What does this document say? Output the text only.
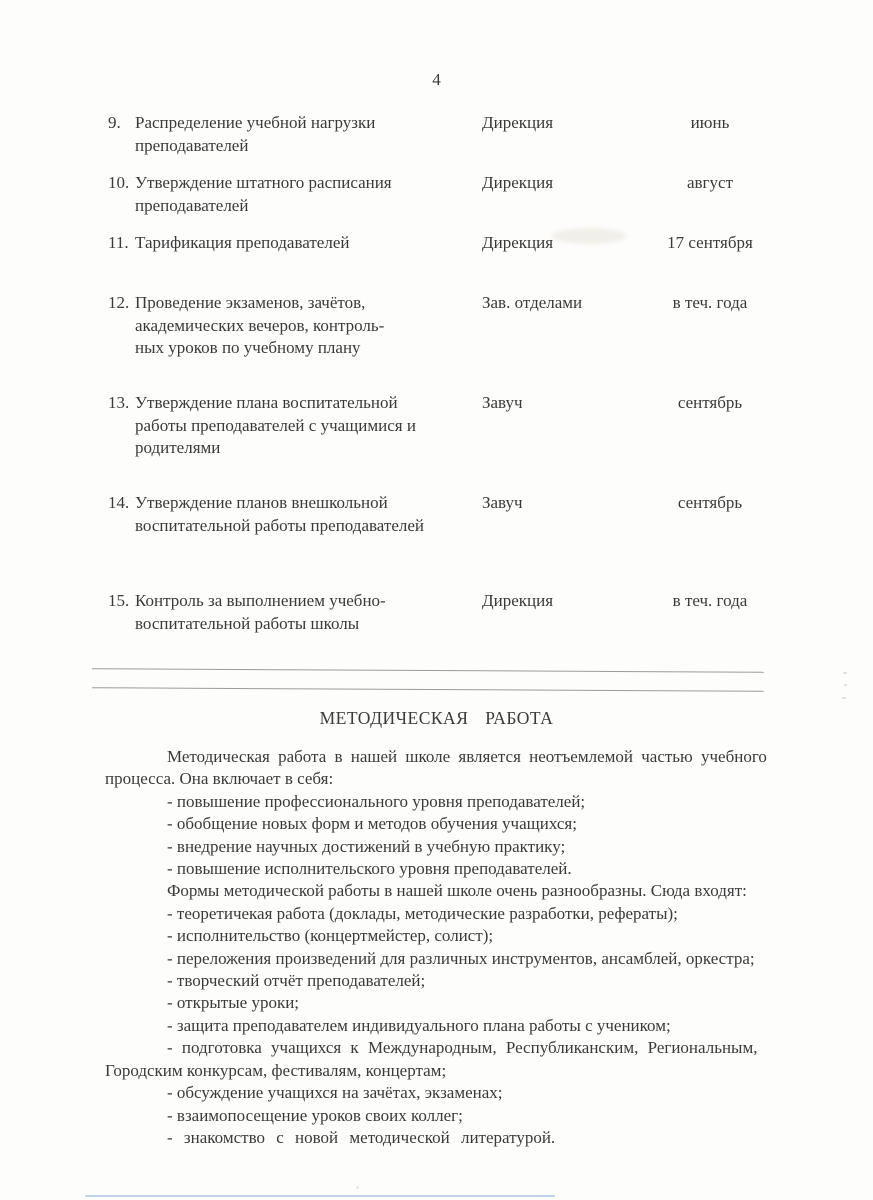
4
9. Распределение учебной нагрузки
преподавателей
Дирекция	июнь
10. Утверждение штатного расписания
преподавателей
Дирекция	август
11. Тарификация преподавателей	Дирекция	17 сентября
12. Проведение экзаменов, зачётов,
академических вечеров, контроль-
ных уроков по учебному плану
Зав. отделами	в теч. года
13. Утверждение плана воспитательной
работы преподавателей с учащимися и
родителями
Завуч	сентябрь
14. Утверждение планов внешкольной
воспитательной работы преподавателей
Завуч	сентябрь
15. Контроль за выполнением учебно-
воспитательной работы школы
Дирекция	в теч. года
МЕТОДИЧЕСКАЯ РАБОТА
Методическая работа в нашей школе является неотъемлемой частью учебного
процесса. Она включает в себя:
- повышение профессионального уровня преподавателей;
- обобщение новых форм и методов обучения учащихся;
- внедрение научных достижений в учебную практику;
- повышение исполнительского уровня преподавателей.
Формы методической работы в нашей школе очень разнообразны. Сюда входят:
- теоретичекая работа (доклады, методические разработки, рефераты);
- исполнительство (концертмейстер, солист);
- переложения произведений для различных инструментов, ансамблей, оркестра;
- творческий отчёт преподавателей;
- открытые уроки;
- защита преподавателем индивидуального плана работы с учеником;
- подготовка учащихся к Международным, Республиканским, Региональным,
Городским конкурсам, фестивалям, концертам;
- обсуждение учащихся на зачётах, экзаменах;
- взаимопосещение уроков своих коллег;
- знакомство с новой методической литературой.
